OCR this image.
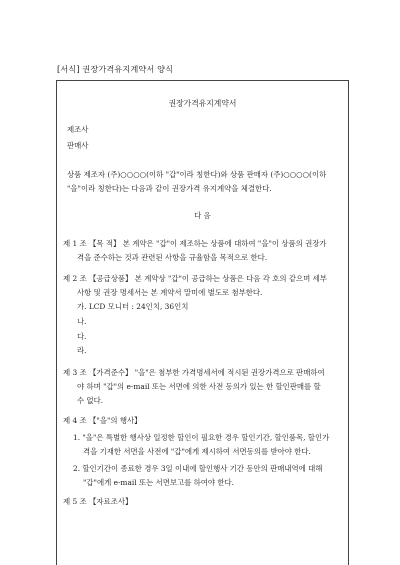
[서식] 권장가격유지계약서 양식
권장가격유지계약서
제조사
판매사
상품 제조자 (주)○○○○(이하 "갑"이라 칭한다)와 상품 판매자 (주)○○○○(이하
"을"이라 칭한다)는 다음과 같이 권장가격 유지계약을 체결한다.
다 음
제 1 조 【목 적】 본 계약은 "갑"이 제조하는 상품에 대하여 "을"이 상품의 권장가
격을 준수하는 것과 관련된 사항을 규율함을 목적으로 한다.
제 2 조 【공급상품】 본 계약상 "갑"이 공급하는 상품은 다음 각 호의 같으며 세부
사항 및 권장 명세서는 본 계약서 말미에 별도로 첨부한다.
가. LCD 모니터 : 24인치, 36인치
나.
다.
라.
제 3 조 【가격준수】 "을"은 첨부한 가격명세서에 적시된 권장가격으로 판매하여
야 하며 "갑"의 e-mail 또는 서면에 의한 사전 동의가 있는 한 할인판매를 할
수 없다.
제 4 조 【"을"의 행사】
1. "을"은 특별한 행사상 일정한 할인이 필요한 경우 할인기간, 할인품목, 할인가
격을 기재한 서면을 사전에 "갑"에게 제시하여 서면동의를 받아야 한다.
2. 할인기간이 종료한 경우 3일 이내에 할인행사 기간 동안의 판매내역에 대해
"갑"에게 e-mail 또는 서면보고를 하여야 한다.
제 5 조 【자료조사】
